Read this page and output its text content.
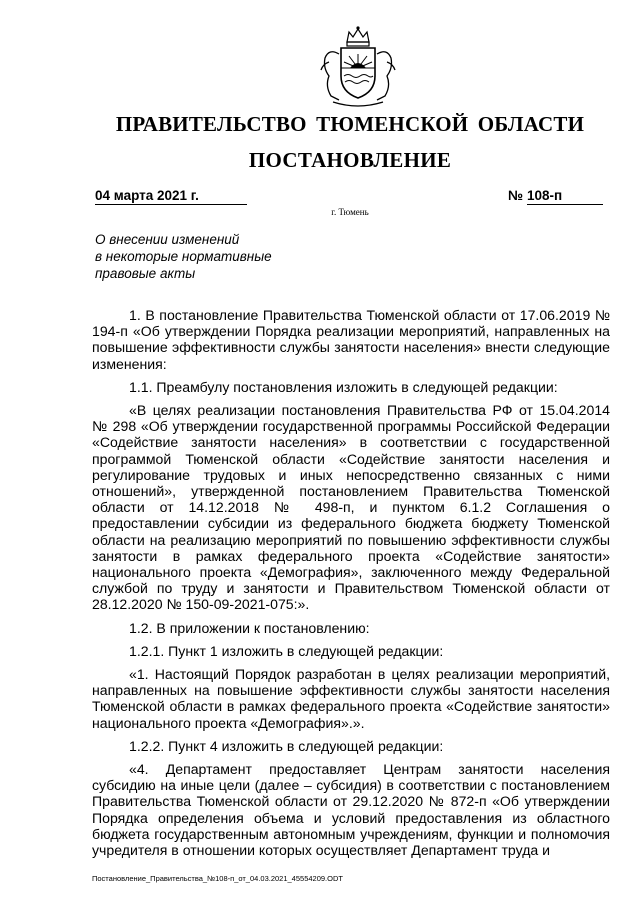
ПРАВИТЕЛЬСТВО ТЮМЕНСКОЙ ОБЛАСТИ
ПОСТАНОВЛЕНИЕ
04 марта 2021 г.	№ 108-п
г. Тюмень
О внесении изменений
в некоторые нормативные
правовые акты

1. В постановление Правительства Тюменской области от 17.06.2019 № 194-п «Об утверждении Порядка реализации мероприятий, направленных на повышение эффективности службы занятости населения» внести следующие изменения:

1.1. Преамбулу постановления изложить в следующей редакции:

«В целях реализации постановления Правительства РФ от 15.04.2014 № 298 «Об утверждении государственной программы Российской Федерации «Содействие занятости населения» в соответствии с государственной программой Тюменской области «Содействие занятости населения и регулирование трудовых и иных непосредственно связанных с ними отношений», утвержденной постановлением Правительства Тюменской области от 14.12.2018 № 498-п, и пунктом 6.1.2 Соглашения о предоставлении субсидии из федерального бюджета бюджету Тюменской области на реализацию мероприятий по повышению эффективности службы занятости в рамках федерального проекта «Содействие занятости» национального проекта «Демография», заключенного между Федеральной службой по труду и занятости и Правительством Тюменской области от 28.12.2020 № 150-09-2021-075:».

1.2. В приложении к постановлению:

1.2.1. Пункт 1 изложить в следующей редакции:

«1. Настоящий Порядок разработан в целях реализации мероприятий, направленных на повышение эффективности службы занятости населения Тюменской области в рамках федерального проекта «Содействие занятости» национального проекта «Демография».».

1.2.2. Пункт 4 изложить в следующей редакции:

«4. Департамент предоставляет Центрам занятости населения субсидию на иные цели (далее – субсидия) в соответствии с постановлением Правительства Тюменской области от 29.12.2020 № 872-п «Об утверждении Порядка определения объема и условий предоставления из областного бюджета государственным автономным учреждениям, функции и полномочия учредителя в отношении которых осуществляет Департамент труда и

Постановление_Правительства_№108-п_от_04.03.2021_45554209.ODT
